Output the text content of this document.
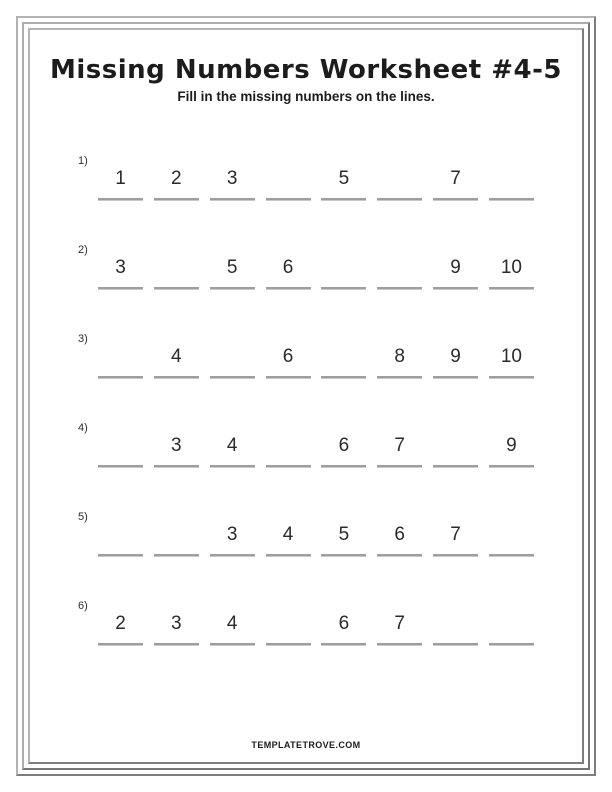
Missing Numbers Worksheet #4-5
Fill in the missing numbers on the lines.
1)
1	2	3	5	7
2)
3	5	6	9	10
3)
4	6	8	9	10
4)
3	4	6	7	9
5)
3	4	5	6	7
6)
2	3	4	6	7
TEMPLATETROVE.COM
